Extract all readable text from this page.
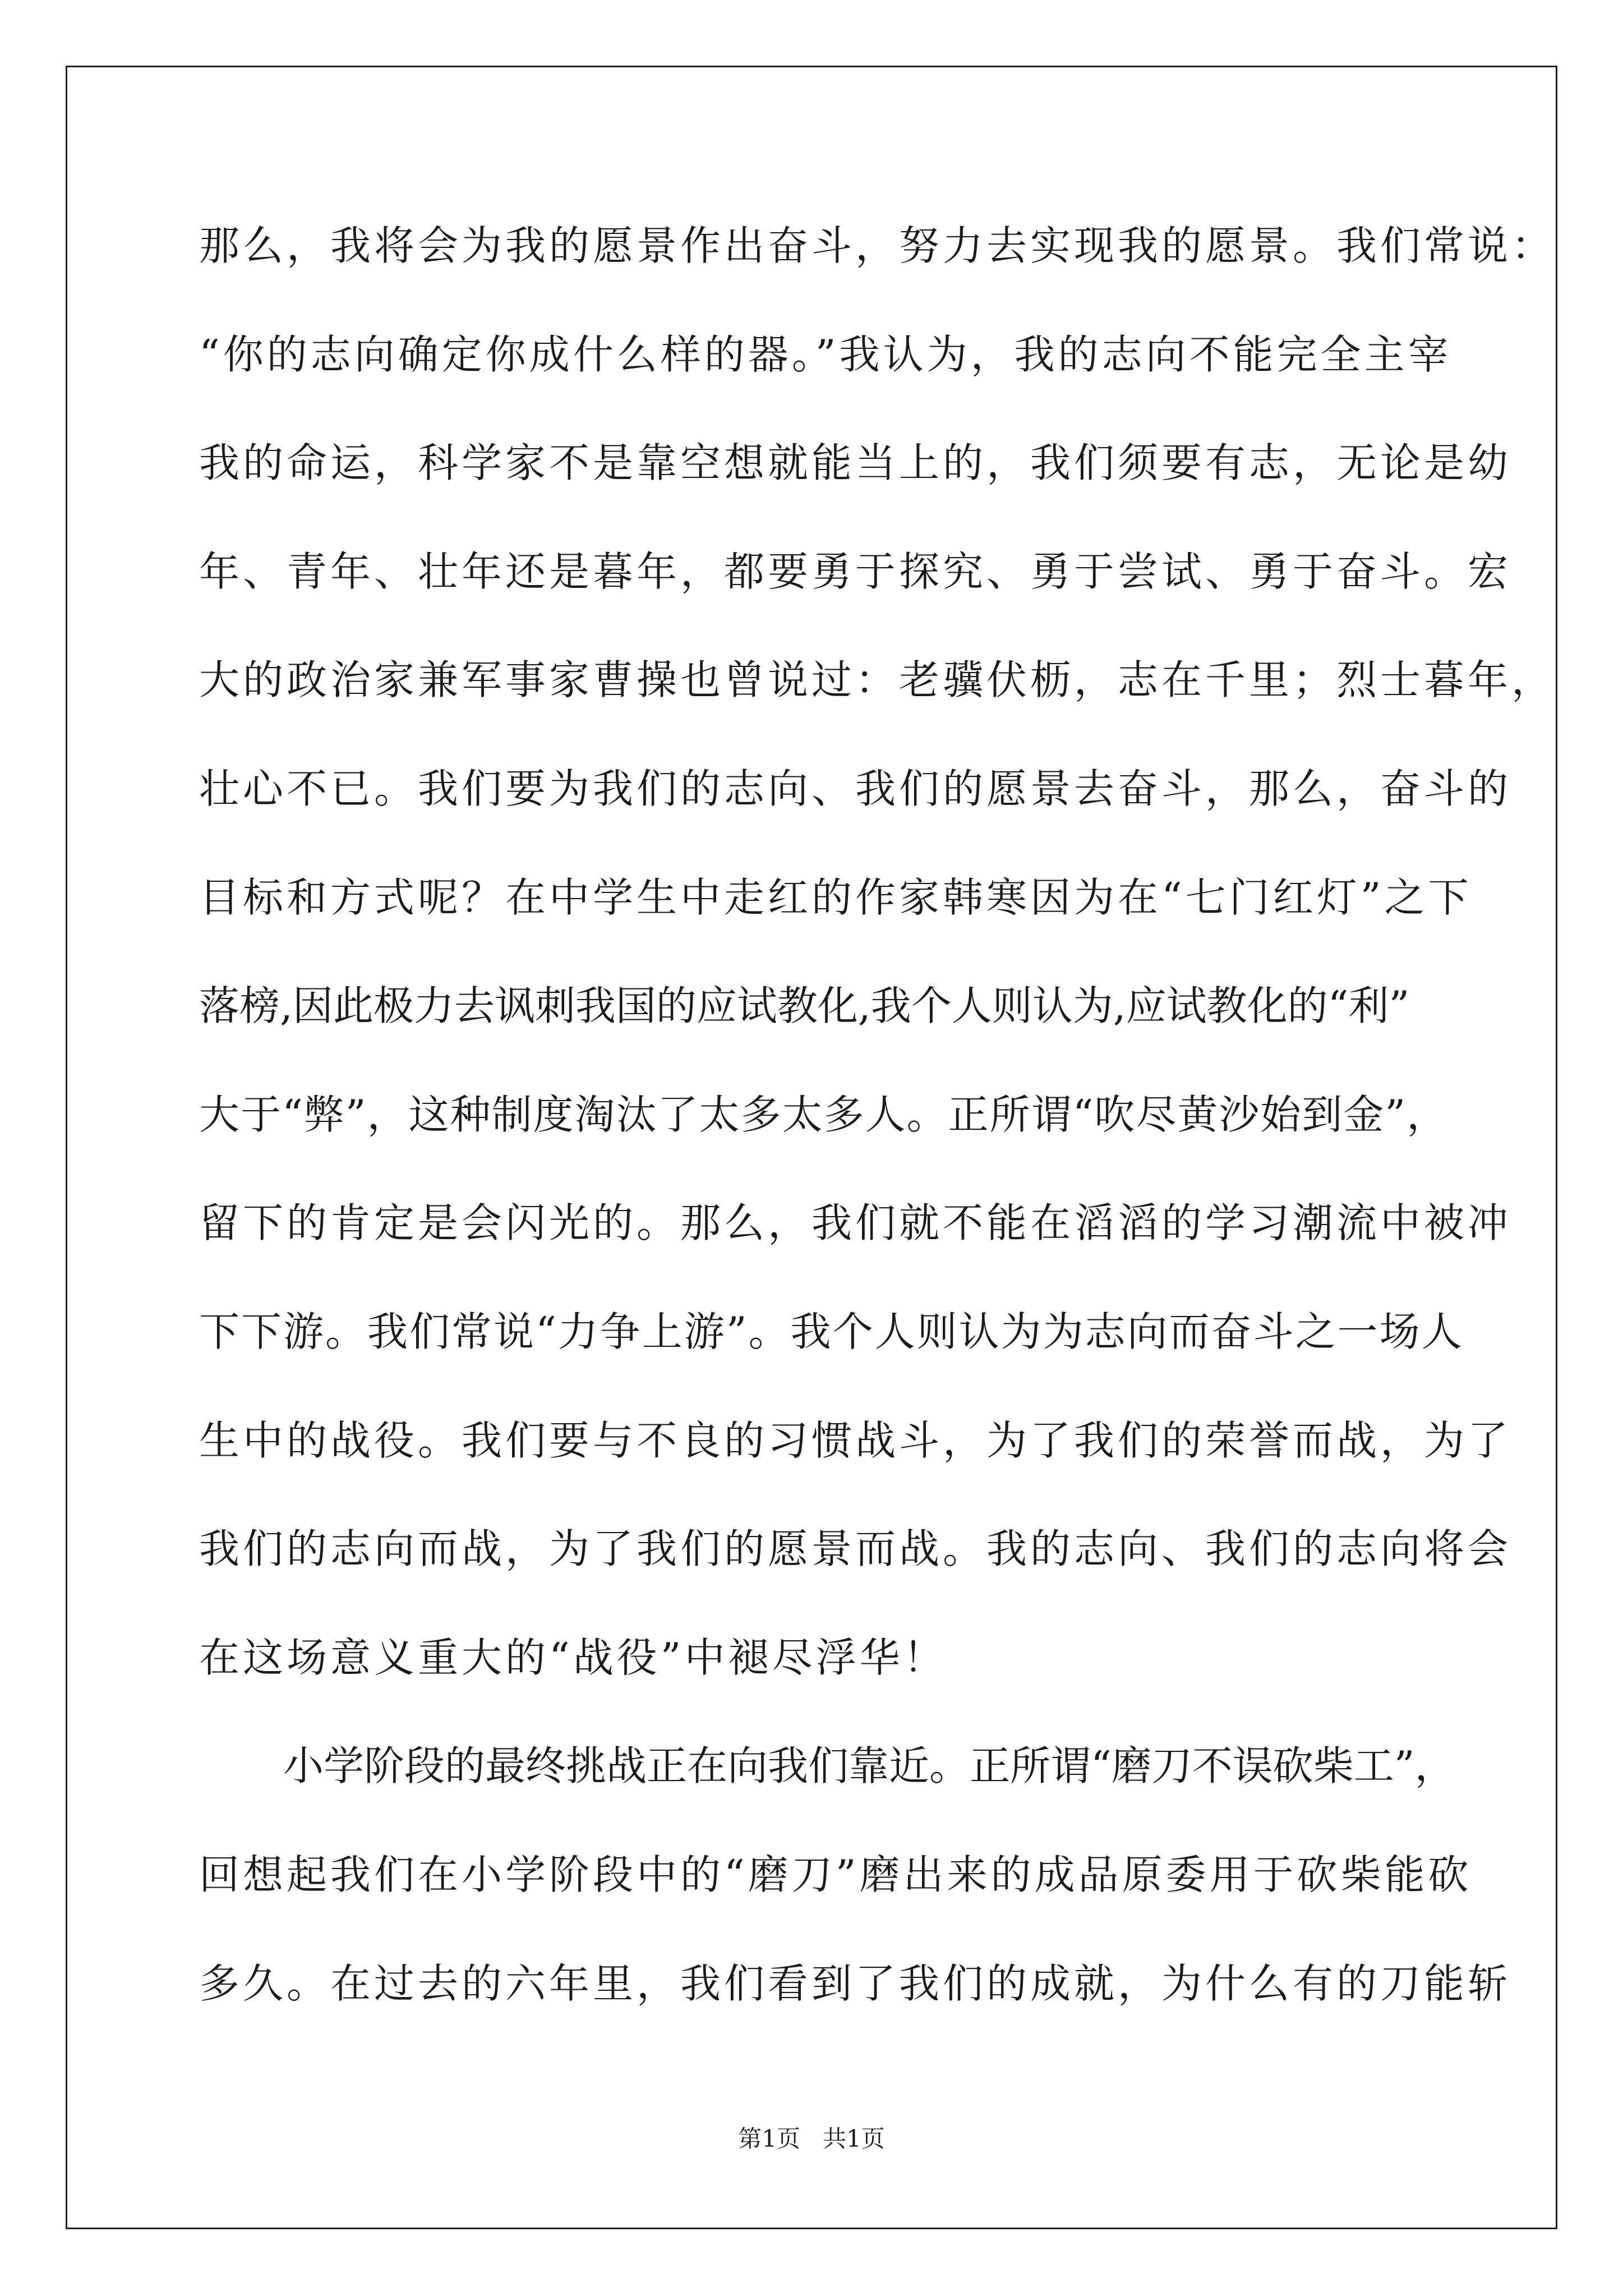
那么，我将会为我的愿景作出奋斗，努力去实现我的愿景。我们常说：
“你的志向确定你成什么样的器。”我认为，我的志向不能完全主宰
我的命运，科学家不是靠空想就能当上的，我们须要有志，无论是幼
年、青年、壮年还是暮年，都要勇于探究、勇于尝试、勇于奋斗。宏
大的政治家兼军事家曹操也曾说过：老骥伏枥，志在千里；烈士暮年，
壮心不已。我们要为我们的志向、我们的愿景去奋斗，那么，奋斗的
目标和方式呢？在中学生中走红的作家韩寒因为在“七门红灯”之下
落榜,因此极力去讽刺我国的应试教化,我个人则认为,应试教化的“利”
大于“弊”，这种制度淘汰了太多太多人。正所谓“吹尽黄沙始到金”，
留下的肯定是会闪光的。那么，我们就不能在滔滔的学习潮流中被冲
下下游。我们常说“力争上游”。我个人则认为为志向而奋斗之一场人
生中的战役。我们要与不良的习惯战斗，为了我们的荣誉而战，为了
我们的志向而战，为了我们的愿景而战。我的志向、我们的志向将会
在这场意义重大的“战役”中褪尽浮华！
小学阶段的最终挑战正在向我们靠近。正所谓“磨刀不误砍柴工”，
回想起我们在小学阶段中的“磨刀”磨出来的成品原委用于砍柴能砍
多久。在过去的六年里，我们看到了我们的成就，为什么有的刀能斩
第1页   共1页
